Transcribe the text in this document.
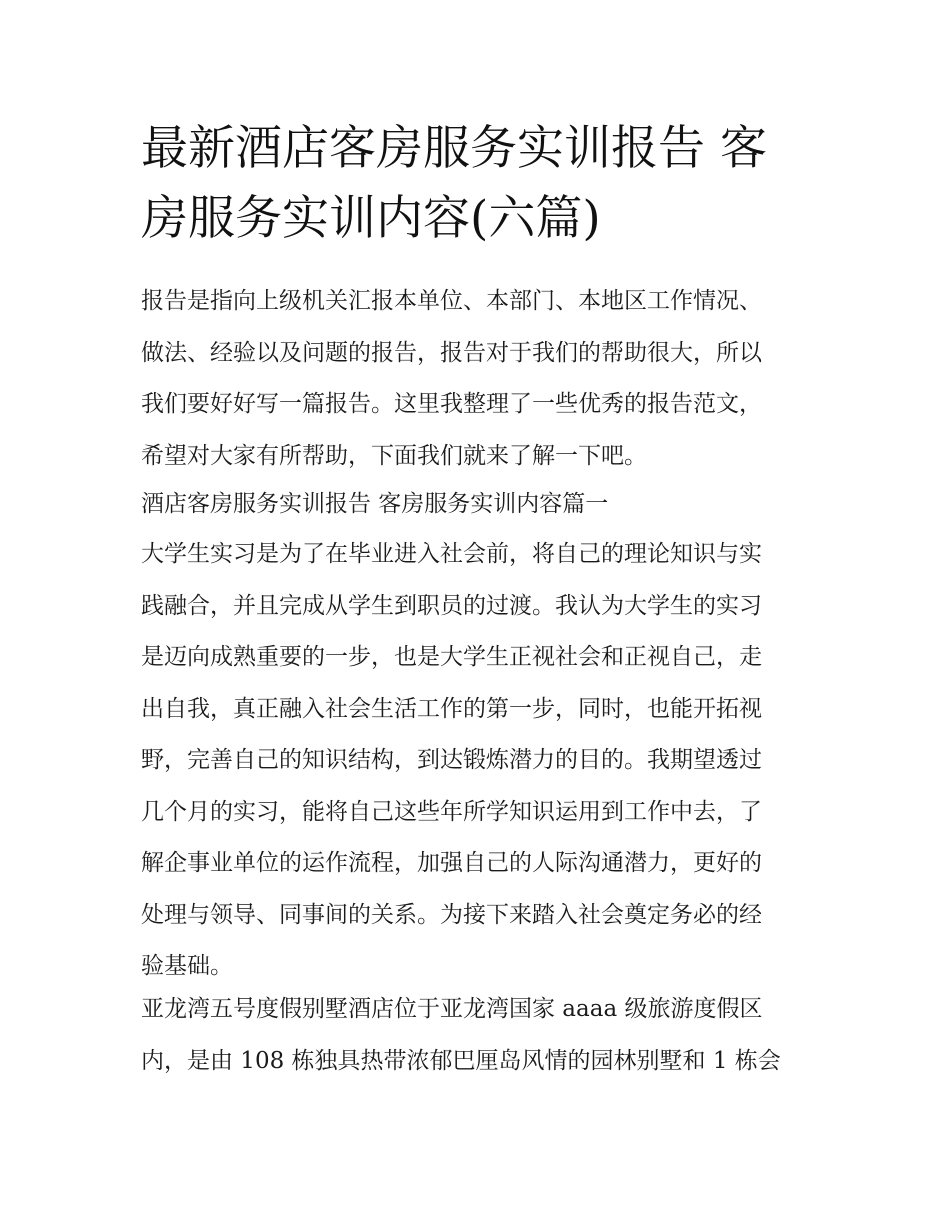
最新酒店客房服务实训报告 客
房服务实训内容(六篇)

报告是指向上级机关汇报本单位、本部门、本地区工作情况、
做法、经验以及问题的报告，报告对于我们的帮助很大，所以
我们要好好写一篇报告。这里我整理了一些优秀的报告范文，
希望对大家有所帮助，下面我们就来了解一下吧。

酒店客房服务实训报告 客房服务实训内容篇一

大学生实习是为了在毕业进入社会前，将自己的理论知识与实
践融合，并且完成从学生到职员的过渡。我认为大学生的实习
是迈向成熟重要的一步，也是大学生正视社会和正视自己，走
出自我，真正融入社会生活工作的第一步，同时，也能开拓视
野，完善自己的知识结构，到达锻炼潜力的目的。我期望透过
几个月的实习，能将自己这些年所学知识运用到工作中去，了
解企事业单位的运作流程，加强自己的人际沟通潜力，更好的
处理与领导、同事间的关系。为接下来踏入社会奠定务必的经
验基础。

亚龙湾五号度假别墅酒店位于亚龙湾国家 aaaa 级旅游度假区
内，是由 108 栋独具热带浓郁巴厘岛风情的园林别墅和 1 栋会
